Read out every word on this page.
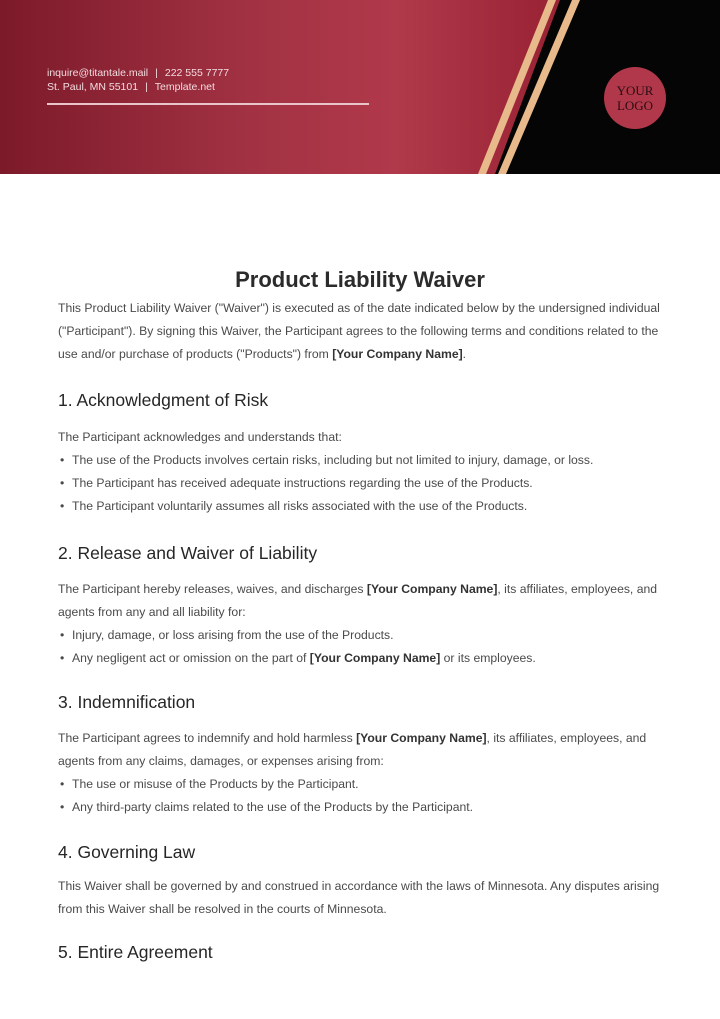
inquire@titantale.mail | 222 555 7777
St. Paul, MN 55101 | Template.net	YOUR
LOGO
Product Liability Waiver

This Product Liability Waiver ("Waiver") is executed as of the date indicated below by the undersigned individual ("Participant"). By signing this Waiver, the Participant agrees to the following terms and conditions related to the use and/or purchase of products ("Products") from [Your Company Name].

1. Acknowledgment of Risk

The Participant acknowledges and understands that:

• The use of the Products involves certain risks, including but not limited to injury, damage, or loss.
• The Participant has received adequate instructions regarding the use of the Products.
• The Participant voluntarily assumes all risks associated with the use of the Products.
2. Release and Waiver of Liability

The Participant hereby releases, waives, and discharges [Your Company Name], its affiliates, employees, and agents from any and all liability for:

• Injury, damage, or loss arising from the use of the Products.
• Any negligent act or omission on the part of [Your Company Name] or its employees.
3. Indemnification

The Participant agrees to indemnify and hold harmless [Your Company Name], its affiliates, employees, and agents from any claims, damages, or expenses arising from:

• The use or misuse of the Products by the Participant.
• Any third-party claims related to the use of the Products by the Participant.
4. Governing Law

This Waiver shall be governed by and construed in accordance with the laws of Minnesota. Any disputes arising from this Waiver shall be resolved in the courts of Minnesota.

5. Entire Agreement
